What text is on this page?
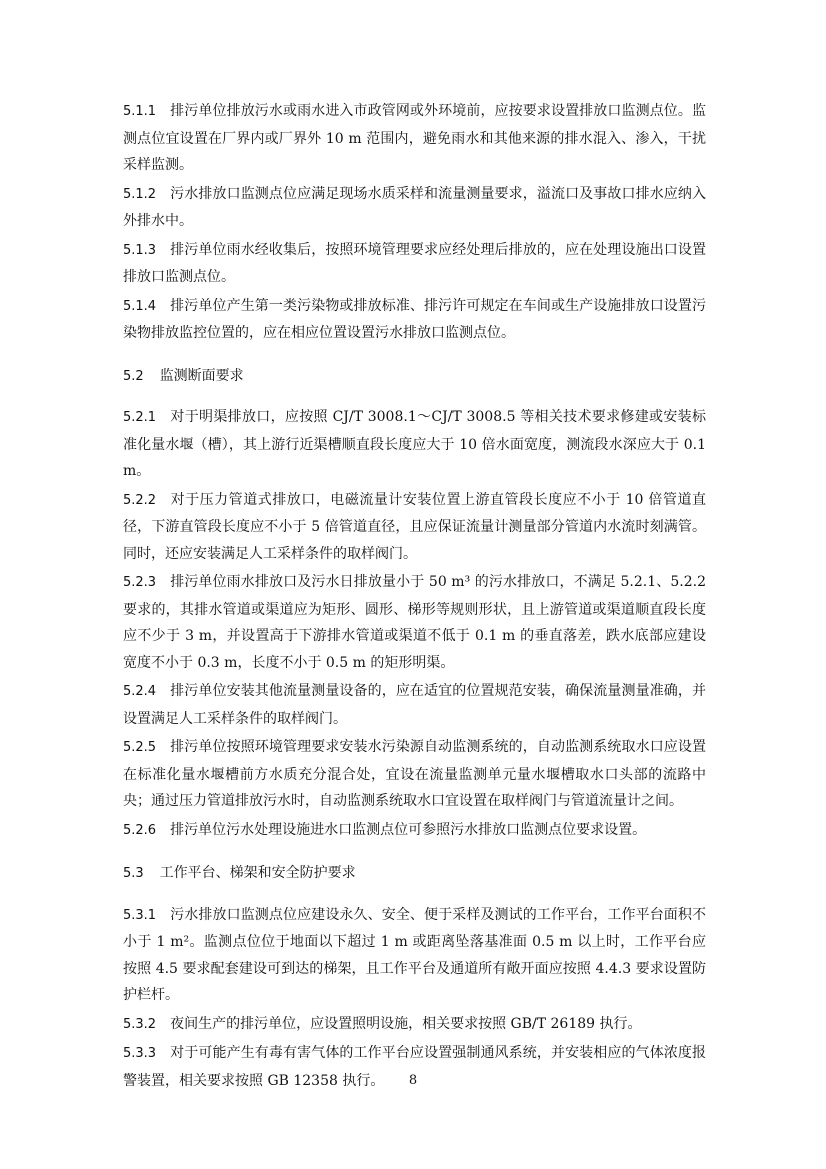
5.1.1 排污单位排放污水或雨水进入市政管网或外环境前，应按要求设置排放口监测点位。监测点位宜设置在厂界内或厂界外 10 m 范围内，避免雨水和其他来源的排水混入、渗入，干扰采样监测。

5.1.2 污水排放口监测点位应满足现场水质采样和流量测量要求，溢流口及事故口排水应纳入外排水中。

5.1.3 排污单位雨水经收集后，按照环境管理要求应经处理后排放的，应在处理设施出口设置排放口监测点位。

5.1.4 排污单位产生第一类污染物或排放标准、排污许可规定在车间或生产设施排放口设置污染物排放监控位置的，应在相应位置设置污水排放口监测点位。

5.2 监测断面要求

5.2.1 对于明渠排放口，应按照 CJ/T 3008.1～CJ/T 3008.5 等相关技术要求修建或安装标准化量水堰（槽），其上游行近渠槽顺直段长度应大于 10 倍水面宽度，测流段水深应大于 0.1 m。

5.2.2 对于压力管道式排放口，电磁流量计安装位置上游直管段长度应不小于 10 倍管道直径，下游直管段长度应不小于 5 倍管道直径，且应保证流量计测量部分管道内水流时刻满管。同时，还应安装满足人工采样条件的取样阀门。

5.2.3 排污单位雨水排放口及污水日排放量小于 50 m³ 的污水排放口，不满足 5.2.1、5.2.2 要求的，其排水管道或渠道应为矩形、圆形、梯形等规则形状，且上游管道或渠道顺直段长度应不少于 3 m，并设置高于下游排水管道或渠道不低于 0.1 m 的垂直落差，跌水底部应建设宽度不小于 0.3 m，长度不小于 0.5 m 的矩形明渠。

5.2.4 排污单位安装其他流量测量设备的，应在适宜的位置规范安装，确保流量测量准确，并设置满足人工采样条件的取样阀门。

5.2.5 排污单位按照环境管理要求安装水污染源自动监测系统的，自动监测系统取水口应设置在标准化量水堰槽前方水质充分混合处，宜设在流量监测单元量水堰槽取水口头部的流路中央；通过压力管道排放污水时，自动监测系统取水口宜设置在取样阀门与管道流量计之间。

5.2.6 排污单位污水处理设施进水口监测点位可参照污水排放口监测点位要求设置。

5.3 工作平台、梯架和安全防护要求

5.3.1 污水排放口监测点位应建设永久、安全、便于采样及测试的工作平台，工作平台面积不小于 1 m²。监测点位位于地面以下超过 1 m 或距离坠落基准面 0.5 m 以上时，工作平台应按照 4.5 要求配套建设可到达的梯架，且工作平台及通道所有敞开面应按照 4.4.3 要求设置防护栏杆。

5.3.2 夜间生产的排污单位，应设置照明设施，相关要求按照 GB/T 26189 执行。

5.3.3 对于可能产生有毒有害气体的工作平台应设置强制通风系统，并安装相应的气体浓度报警装置，相关要求按照 GB 12358 执行。	8
